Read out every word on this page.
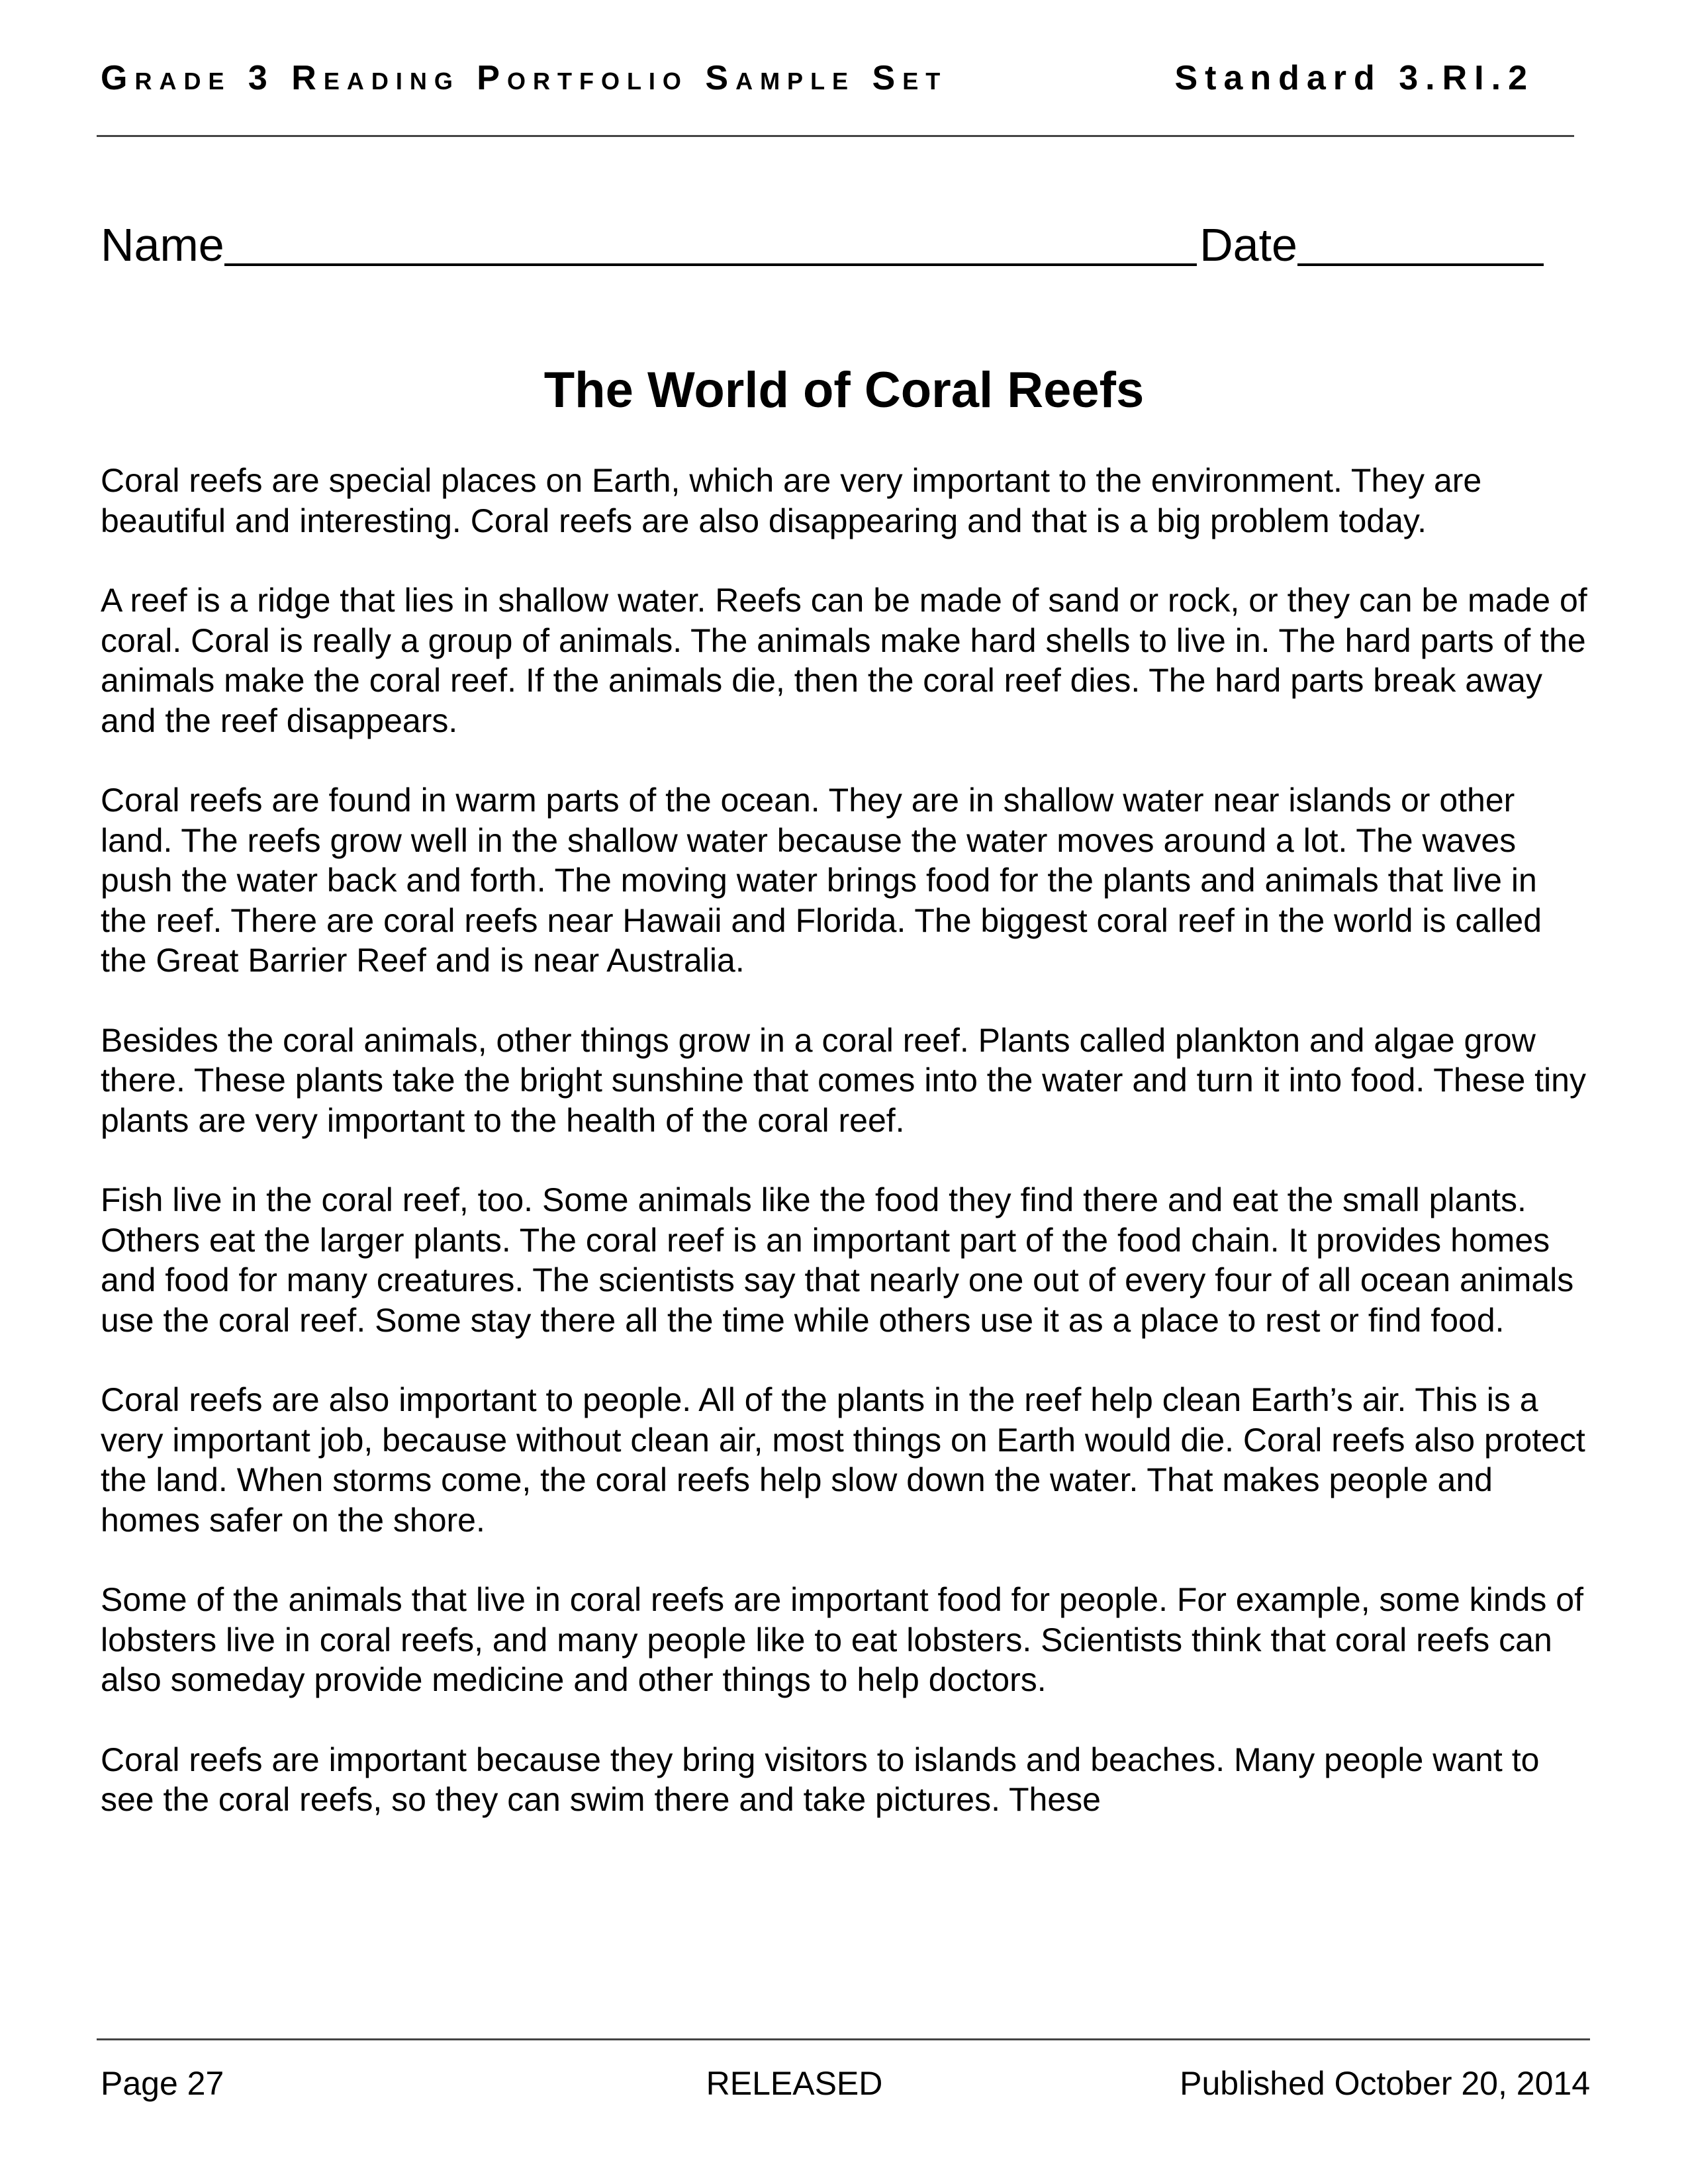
Grade 3 Reading Portfolio Sample Set	Standard 3.RI.2
Name	Date
The World of Coral Reefs

Coral reefs are special places on Earth, which are very important to the environment. They are beautiful and interesting. Coral reefs are also disappearing and that is a big problem today.

A reef is a ridge that lies in shallow water. Reefs can be made of sand or rock, or they can be made of coral. Coral is really a group of animals. The animals make hard shells to live in. The hard parts of the animals make the coral reef. If the animals die, then the coral reef dies. The hard parts break away and the reef disappears.

Coral reefs are found in warm parts of the ocean. They are in shallow water near islands or other land. The reefs grow well in the shallow water because the water moves around a lot. The waves push the water back and forth. The moving water brings food for the plants and animals that live in the reef. There are coral reefs near Hawaii and Florida. The biggest coral reef in the world is called the Great Barrier Reef and is near Australia.

Besides the coral animals, other things grow in a coral reef. Plants called plankton and algae grow there. These plants take the bright sunshine that comes into the water and turn it into food. These tiny plants are very important to the health of the coral reef.

Fish live in the coral reef, too. Some animals like the food they find there and eat the small plants. Others eat the larger plants. The coral reef is an important part of the food chain. It provides homes and food for many creatures. The scientists say that nearly one out of every four of all ocean animals use the coral reef. Some stay there all the time while others use it as a place to rest or find food.

Coral reefs are also important to people. All of the plants in the reef help clean Earth’s air. This is a very important job, because without clean air, most things on Earth would die. Coral reefs also protect the land. When storms come, the coral reefs help slow down the water. That makes people and homes safer on the shore.

Some of the animals that live in coral reefs are important food for people. For example, some kinds of lobsters live in coral reefs, and many people like to eat lobsters. Scientists think that coral reefs can also someday provide medicine and other things to help doctors.

Coral reefs are important because they bring visitors to islands and beaches. Many people want to see the coral reefs, so they can swim there and take pictures. These

Page 27	RELEASED	Published October 20, 2014
